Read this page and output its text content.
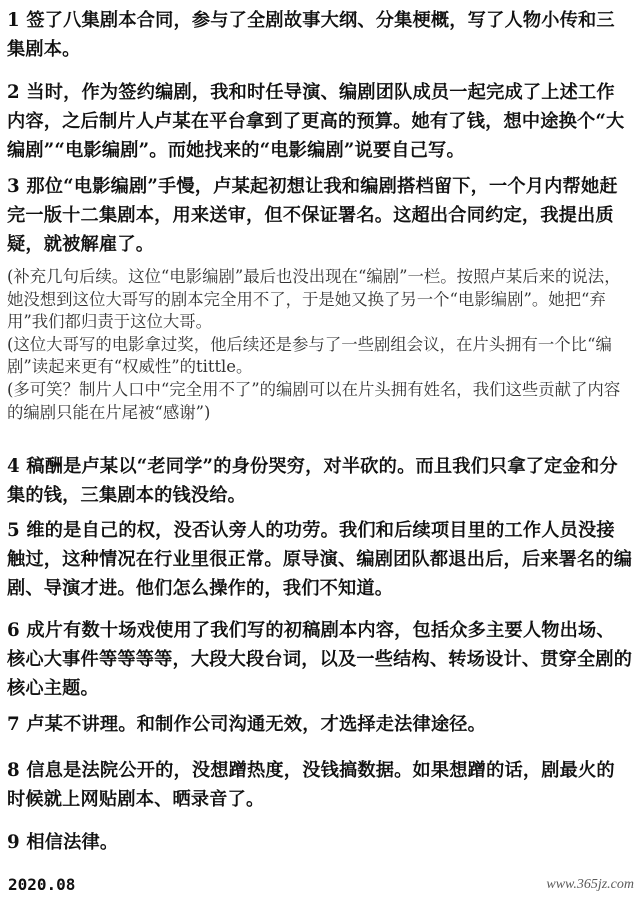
1 签了八集剧本合同，参与了全剧故事大纲、分集梗概，写了人物小传和三集剧本。

2 当时，作为签约编剧，我和时任导演、编剧团队成员一起完成了上述工作内容，之后制片人卢某在平台拿到了更高的预算。她有了钱，想中途换个“大编剧”“电影编剧”。而她找来的“电影编剧”说要自己写。

3 那位“电影编剧”手慢，卢某起初想让我和编剧搭档留下，一个月内帮她赶完一版十二集剧本，用来送审，但不保证署名。这超出合同约定，我提出质疑，就被解雇了。

(补充几句后续。这位“电影编剧”最后也没出现在“编剧”一栏。按照卢某后来的说法，她没想到这位大哥写的剧本完全用不了，于是她又换了另一个“电影编剧”。她把“弃用”我们都归责于这位大哥。

(这位大哥写的电影拿过奖，他后续还是参与了一些剧组会议，在片头拥有一个比“编剧”读起来更有“权威性”的tittle。

(多可笑？制片人口中“完全用不了”的编剧可以在片头拥有姓名，我们这些贡献了内容的编剧只能在片尾被“感谢”)

4 稿酬是卢某以“老同学”的身份哭穷，对半砍的。而且我们只拿了定金和分集的钱，三集剧本的钱没给。

5 维的是自己的权，没否认旁人的功劳。我们和后续项目里的工作人员没接触过，这种情况在行业里很正常。原导演、编剧团队都退出后，后来署名的编剧、导演才进。他们怎么操作的，我们不知道。

6 成片有数十场戏使用了我们写的初稿剧本内容，包括众多主要人物出场、核心大事件等等等等，大段大段台词，以及一些结构、转场设计、贯穿全剧的核心主题。

7 卢某不讲理。和制作公司沟通无效，才选择走法律途径。

8 信息是法院公开的，没想蹭热度，没钱搞数据。如果想蹭的话，剧最火的时候就上网贴剧本、晒录音了。

9 相信法律。

2020.08	www.365jz.com
